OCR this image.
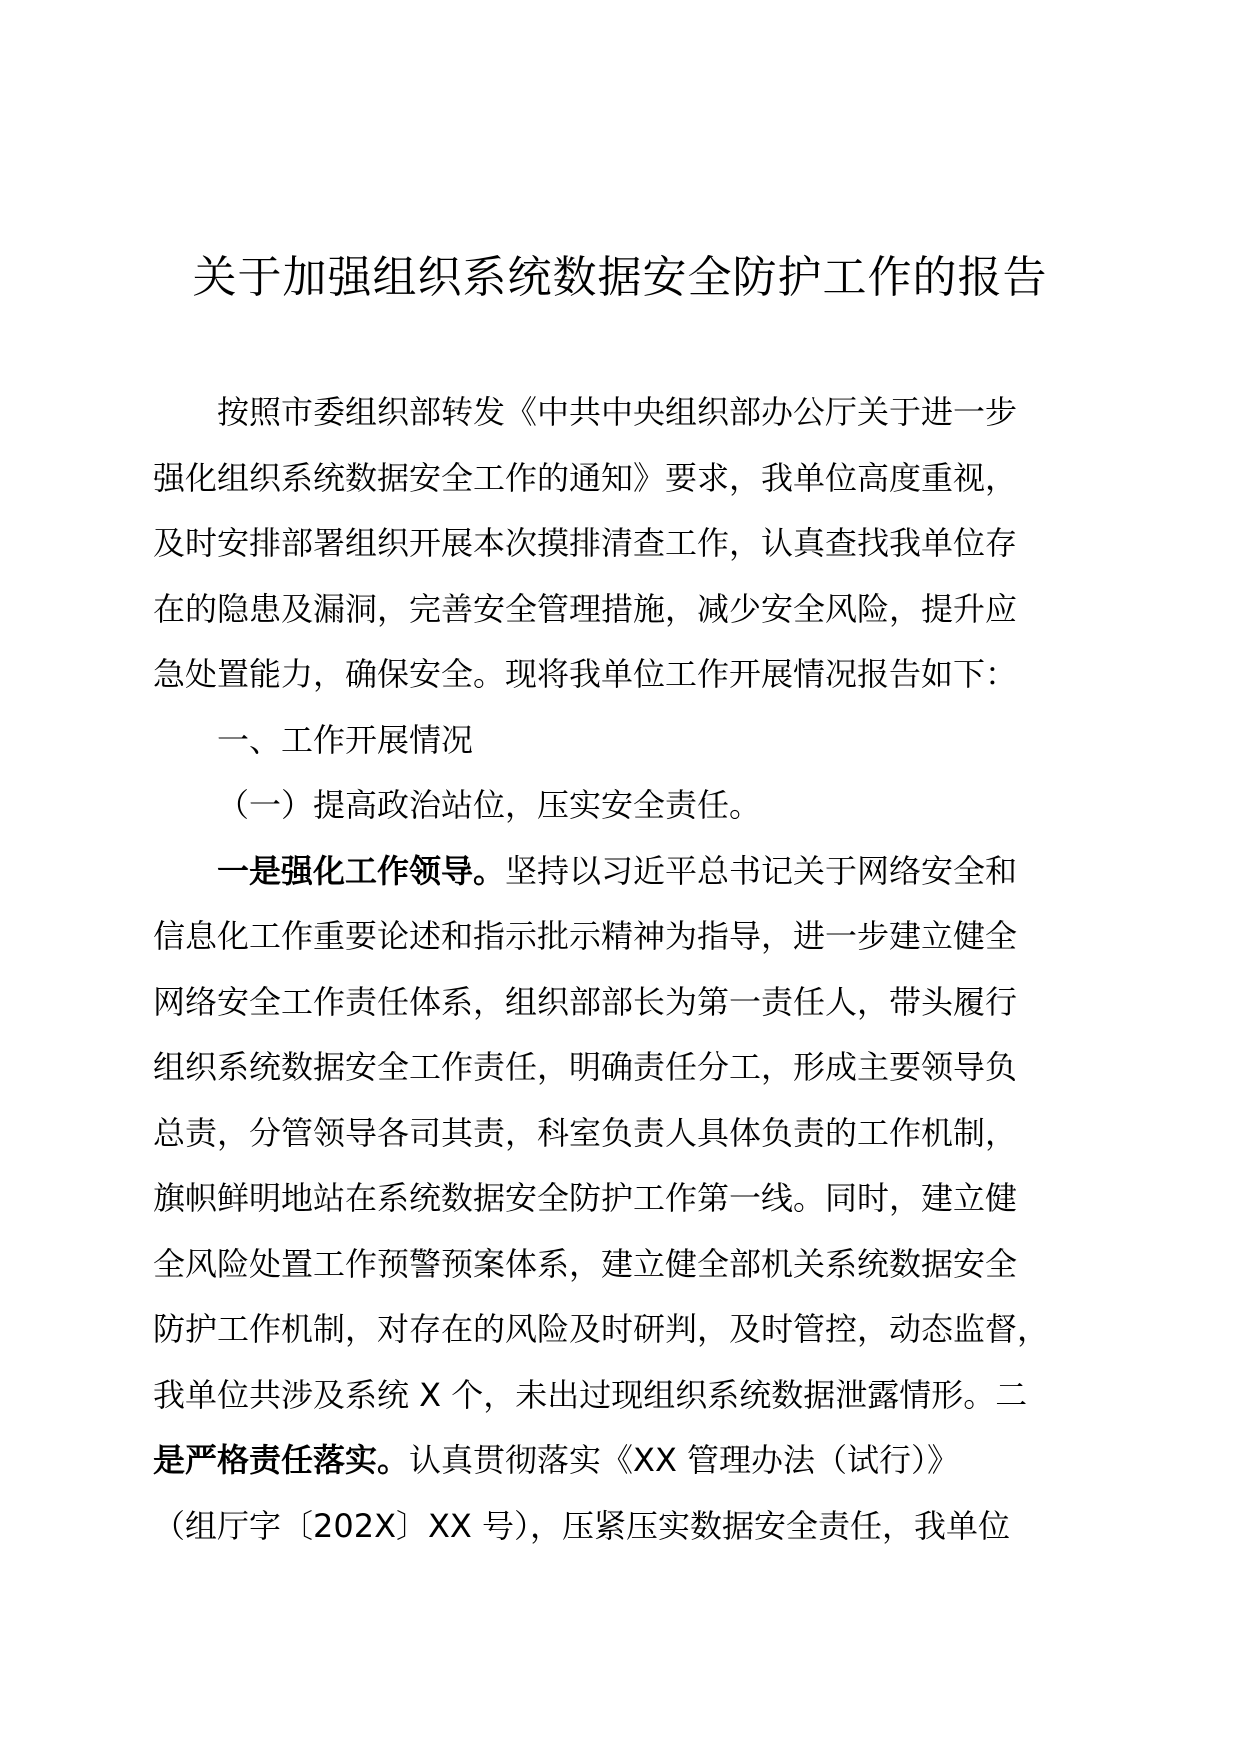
关于加强组织系统数据安全防护工作的报告
按照市委组织部转发《中共中央组织部办公厅关于进一步
强化组织系统数据安全工作的通知》要求，我单位高度重视，
及时安排部署组织开展本次摸排清查工作，认真查找我单位存
在的隐患及漏洞，完善安全管理措施，减少安全风险，提升应
急处置能力，确保安全。现将我单位工作开展情况报告如下：
一、工作开展情况
（一）提高政治站位，压实安全责任。
一是强化工作领导。坚持以习近平总书记关于网络安全和
信息化工作重要论述和指示批示精神为指导，进一步建立健全
网络安全工作责任体系，组织部部长为第一责任人，带头履行
组织系统数据安全工作责任，明确责任分工，形成主要领导负
总责，分管领导各司其责，科室负责人具体负责的工作机制，
旗帜鲜明地站在系统数据安全防护工作第一线。同时，建立健
全风险处置工作预警预案体系，建立健全部机关系统数据安全
防护工作机制，对存在的风险及时研判，及时管控，动态监督，
我单位共涉及系统 X 个，未出过现组织系统数据泄露情形。二
是严格责任落实。认真贯彻落实《XX 管理办法（试行）》
（组厅字〔202X〕XX 号），压紧压实数据安全责任，我单位
